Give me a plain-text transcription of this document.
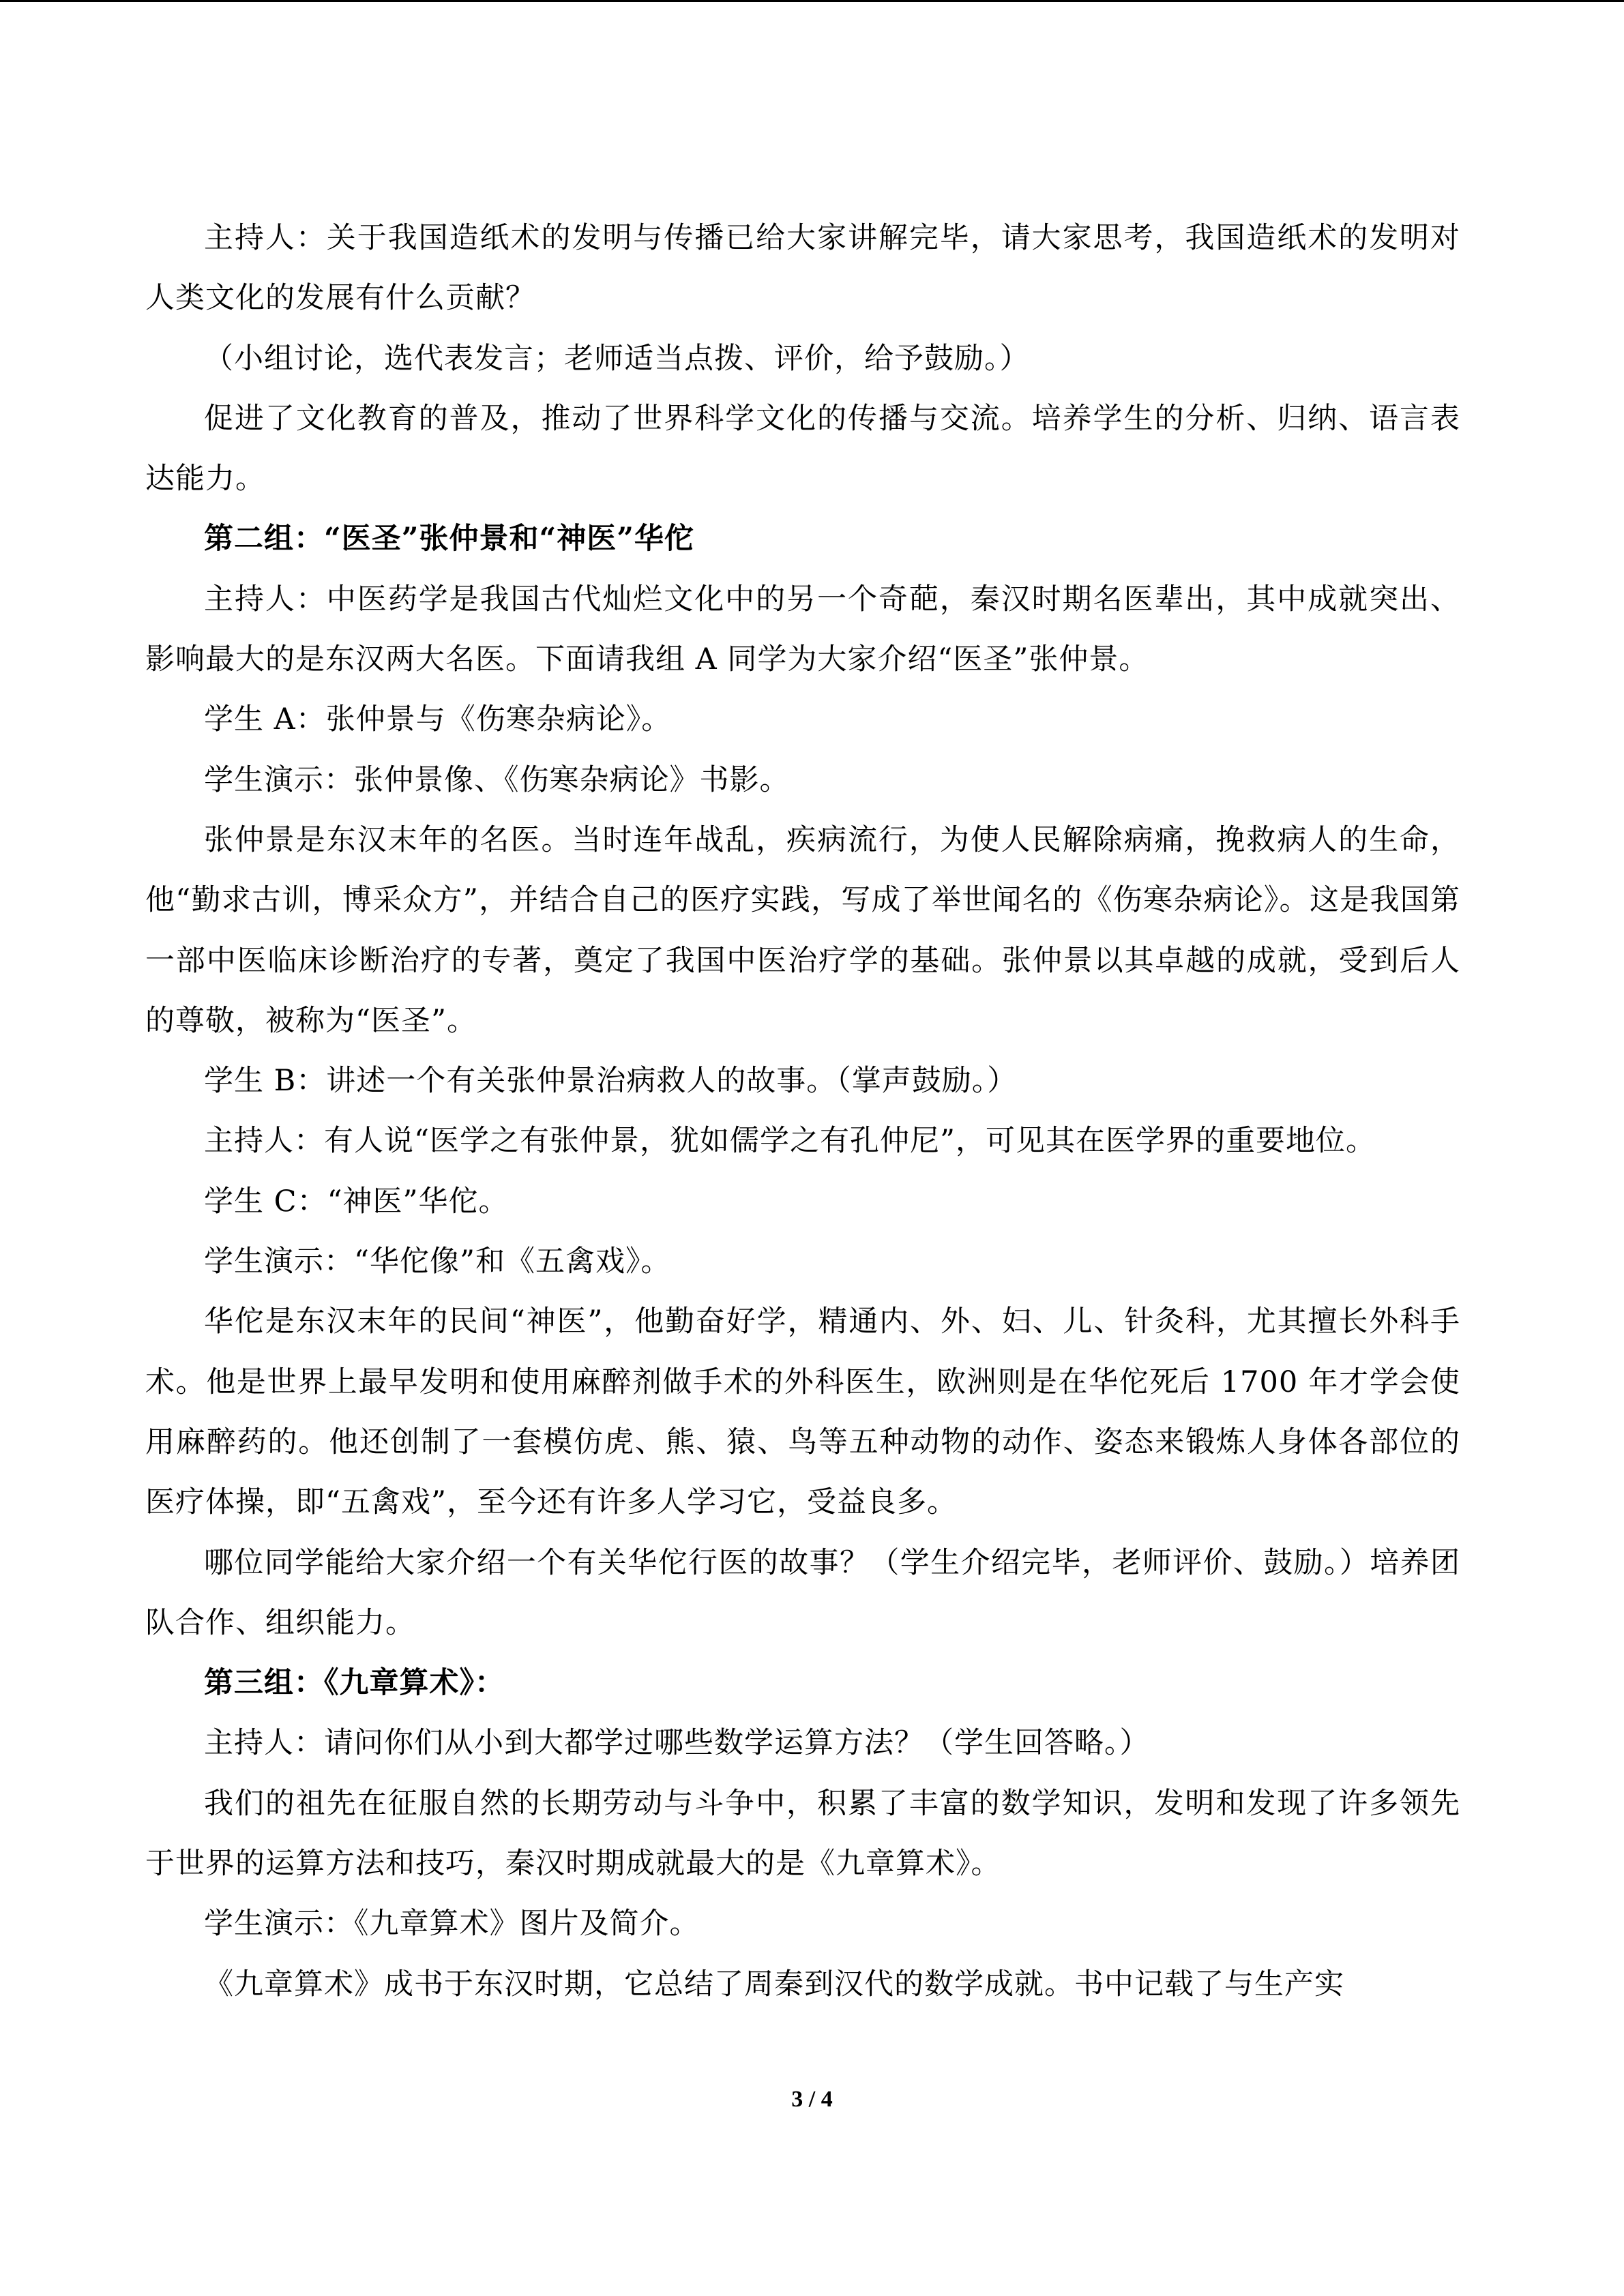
主持人：关于我国造纸术的发明与传播已给大家讲解完毕，请大家思考，我国造纸术的发明对人类文化的发展有什么贡献？

（小组讨论，选代表发言；老师适当点拨、评价，给予鼓励。）

促进了文化教育的普及，推动了世界科学文化的传播与交流。培养学生的分析、归纳、语言表达能力。

第二组：“医圣”张仲景和“神医”华佗

主持人：中医药学是我国古代灿烂文化中的另一个奇葩，秦汉时期名医辈出，其中成就突出、影响最大的是东汉两大名医。下面请我组 A 同学为大家介绍“医圣”张仲景。

学生 A：张仲景与《伤寒杂病论》。

学生演示：张仲景像、《伤寒杂病论》书影。

张仲景是东汉末年的名医。当时连年战乱，疾病流行，为使人民解除病痛，挽救病人的生命，他“勤求古训，博采众方”，并结合自己的医疗实践，写成了举世闻名的《伤寒杂病论》。这是我国第一部中医临床诊断治疗的专著，奠定了我国中医治疗学的基础。张仲景以其卓越的成就，受到后人的尊敬，被称为“医圣”。

学生 B：讲述一个有关张仲景治病救人的故事。（掌声鼓励。）

主持人：有人说“医学之有张仲景，犹如儒学之有孔仲尼”，可见其在医学界的重要地位。

学生 C：“神医”华佗。

学生演示：“华佗像”和《五禽戏》。

华佗是东汉末年的民间“神医”，他勤奋好学，精通内、外、妇、儿、针灸科，尤其擅长外科手术。他是世界上最早发明和使用麻醉剂做手术的外科医生，欧洲则是在华佗死后 1700 年才学会使用麻醉药的。他还创制了一套模仿虎、熊、猿、鸟等五种动物的动作、姿态来锻炼人身体各部位的医疗体操，即“五禽戏”，至今还有许多人学习它，受益良多。

哪位同学能给大家介绍一个有关华佗行医的故事？（学生介绍完毕，老师评价、鼓励。）培养团队合作、组织能力。

第三组：《九章算术》：

主持人：请问你们从小到大都学过哪些数学运算方法？（学生回答略。）

我们的祖先在征服自然的长期劳动与斗争中，积累了丰富的数学知识，发明和发现了许多领先于世界的运算方法和技巧，秦汉时期成就最大的是《九章算术》。

学生演示：《九章算术》图片及简介。

《九章算术》成书于东汉时期，它总结了周秦到汉代的数学成就。书中记载了与生产实

3 / 4
